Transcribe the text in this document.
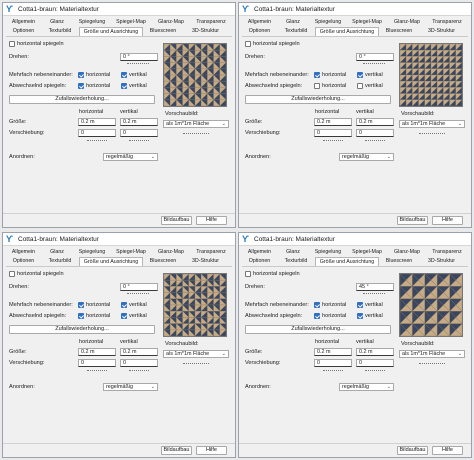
ϒ Cotta1-braun: Materialtextur
Allgemein	Glanz	Spiegelung	Spiegel-Map	Glanz-Map	Transparenz
Optionen	Texturbild	Größe und Ausrichtung	Bluescreen	3D-Struktur
horizontal spiegeln
Drehen:	0 °
Mehrfach nebeneinander: horizontal	vertikal
Abwechselnd spiegeln:	horizontal	vertikal
Zufallswiederholung...
horizontal	vertikal
Größe:	0.2 m	0.2 m
Verschiebung:	0	0
Vorschaubild:
als 1m*1m Fläche	⌄
Anordnen:	regelmäßig	⌄
Bildaufbau	Hilfe
ϒ Cotta1-braun: Materialtextur
Allgemein	Glanz	Spiegelung	Spiegel-Map	Glanz-Map	Transparenz
Optionen	Texturbild	Größe und Ausrichtung	Bluescreen	3D-Struktur
horizontal spiegeln
Drehen:	0 °
Mehrfach nebeneinander: horizontal	vertikal
Abwechselnd spiegeln:	horizontal	vertikal
Zufallswiederholung...
horizontal	vertikal
Größe:	0.2 m	0.2 m
Verschiebung:	0	0
Vorschaubild:
als 1m*1m Fläche	⌄
Anordnen:	regelmäßig	⌄
Bildaufbau	Hilfe
ϒ Cotta1-braun: Materialtextur
Allgemein	Glanz	Spiegelung	Spiegel-Map	Glanz-Map	Transparenz
Optionen	Texturbild	Größe und Ausrichtung	Bluescreen	3D-Struktur
horizontal spiegeln
Drehen:	0 °
Mehrfach nebeneinander: horizontal	vertikal
Abwechselnd spiegeln:	horizontal	vertikal
Zufallswiederholung...
horizontal	vertikal
Größe:	0.2 m	0.2 m
Verschiebung:	0	0
Vorschaubild:
als 1m*1m Fläche	⌄
Anordnen:	regelmäßig	⌄
Bildaufbau	Hilfe
ϒ Cotta1-braun: Materialtextur
Allgemein	Glanz	Spiegelung	Spiegel-Map	Glanz-Map	Transparenz
Optionen	Texturbild	Größe und Ausrichtung	Bluescreen	3D-Struktur
horizontal spiegeln
Drehen:	45 °
Mehrfach nebeneinander: horizontal	vertikal
Abwechselnd spiegeln:	horizontal	vertikal
Zufallswiederholung...
horizontal	vertikal
Größe:	0.2 m	0.2 m
Verschiebung:	0	0
Vorschaubild:
als 1m*1m Fläche	⌄
Anordnen:	regelmäßig	⌄
Bildaufbau	Hilfe
